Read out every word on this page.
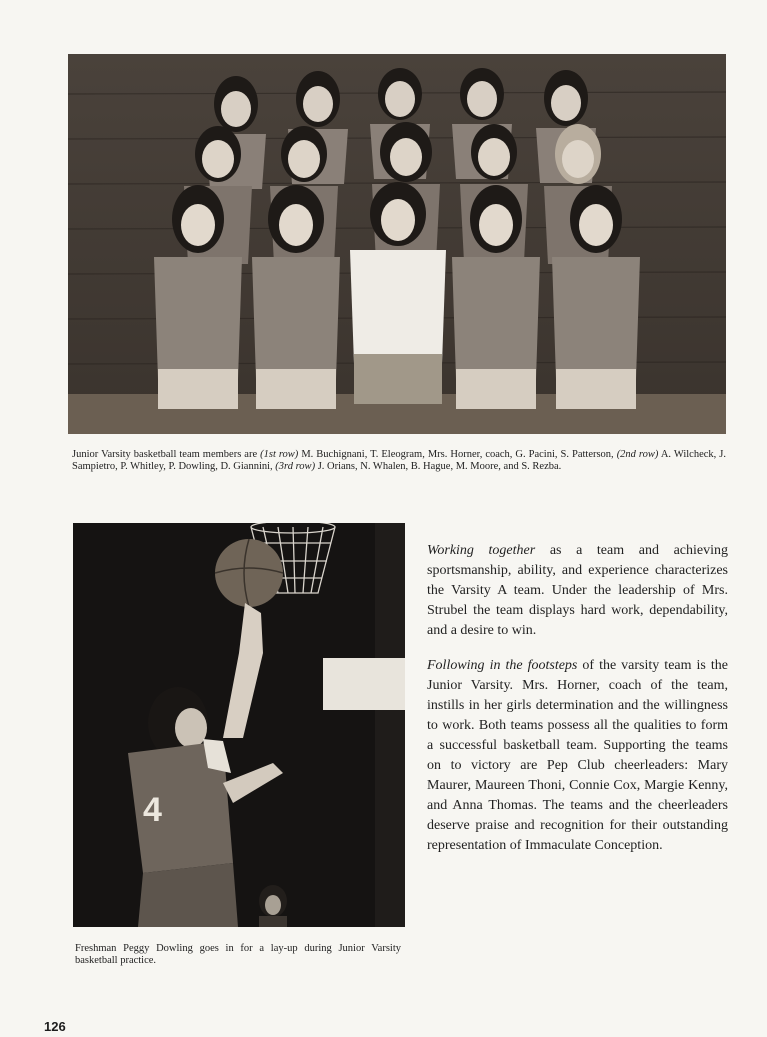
Junior Varsity basketball team members are (1st row) M. Buchignani, T. Eleogram, Mrs. Horner, coach, G. Pacini, S. Patterson, (2nd row) A. Wilcheck, J. Sampietro, P. Whitley, P. Dowling, D. Giannini, (3rd row) J. Orians, N. Whalen, B. Hague, M. Moore, and S. Rezba.
4
Freshman Peggy Dowling goes in for a lay-up during Junior Varsity basketball practice.

Working together as a team and achieving sportsmanship, ability, and experience characterizes the Varsity A team. Under the leadership of Mrs. Strubel the team displays hard work, dependability, and a desire to win.

Following in the footsteps of the varsity team is the Junior Varsity. Mrs. Horner, coach of the team, instills in her girls determination and the willingness to work. Both teams possess all the qualities to form a successful basketball team. Supporting the teams on to victory are Pep Club cheerleaders: Mary Maurer, Maureen Thoni, Connie Cox, Margie Kenny, and Anna Thomas. The teams and the cheerleaders deserve praise and recognition for their outstanding representation of Immaculate Conception.

126
